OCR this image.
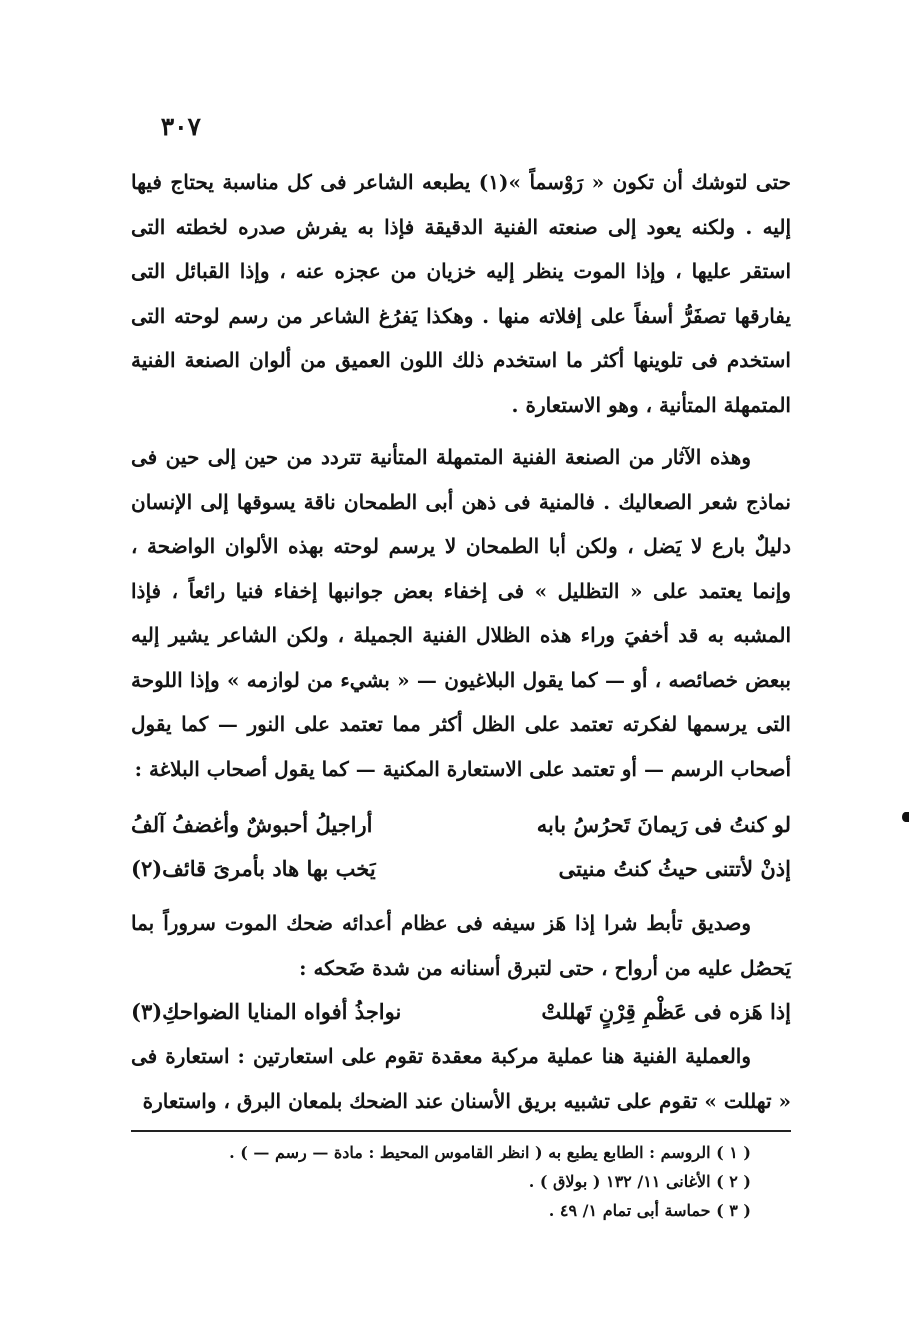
٣٠٧

حتى لتوشك أن تكون « رَوْسماً »(١) يطبعه الشاعر فى كل مناسبة يحتاج فيها إليه . ولكنه يعود إلى صنعته الفنية الدقيقة فإذا به يفرش صدره لخطته التى استقر عليها ، وإذا الموت ينظر إليه خزيان من عجزه عنه ، وإذا القبائل التى يفارقها تصفَرُّ أسفاً على إفلاته منها . وهكذا يَفرُغ الشاعر من رسم لوحته التى استخدم فى تلوينها أكثر ما استخدم ذلك اللون العميق من ألوان الصنعة الفنية المتمهلة المتأنية ، وهو الاستعارة .

وهذه الآثار من الصنعة الفنية المتمهلة المتأنية تتردد من حين إلى حين فى نماذج شعر الصعاليك . فالمنية فى ذهن أبى الطمحان ناقة يسوقها إلى الإنسان دليلٌ بارع لا يَضل ، ولكن أبا الطمحان لا يرسم لوحته بهذه الألوان الواضحة ، وإنما يعتمد على « التظليل » فى إخفاء بعض جوانبها إخفاء فنيا رائعاً ، فإذا المشبه به قد أخفيَ وراء هذه الظلال الفنية الجميلة ، ولكن الشاعر يشير إليه ببعض خصائصه ، أو — كما يقول البلاغيون — « بشيء من لوازمه » وإذا اللوحة التى يرسمها لفكرته تعتمد على الظل أكثر مما تعتمد على النور — كما يقول أصحاب الرسم — أو تعتمد على الاستعارة المكنية — كما يقول أصحاب البلاغة :

لو كنتُ فى رَيمانَ تَحرُسُ بابه
أراجيلُ أحبوشٌ وأغضفُ آلفُ
إذنْ لأتتنى حيثُ كنتُ منيتى
يَخب بها هاد بأمرىَ قائف(٢)

وصديق تأبط شرا إذا هَز سيفه فى عظام أعدائه ضحك الموت سروراً بما يَحصُل عليه من أرواح ، حتى لتبرق أسنانه من شدة ضَحكه :

إذا هَزه فى عَظْمِ قِرْنٍ تَهللتْ
نواجذُ أفواه المنايا الضواحكِ(٣)

والعملية الفنية هنا عملية مركبة معقدة تقوم على استعارتين : استعارة فى « تهللت » تقوم على تشبيه بريق الأسنان عند الضحك بلمعان البرق ، واستعارة

( ١ ) الروسم : الطابع يطبع به ( انظر القاموس المحيط : مادة — رسم — ) .

( ٢ ) الأغانى ١١/ ١٣٢ ( بولاق ) .

( ٣ ) حماسة أبى تمام ١/ ٤٩ .
